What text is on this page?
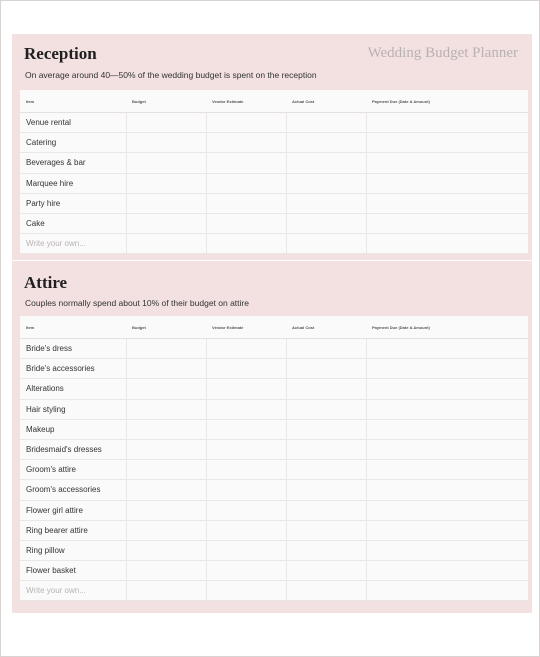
Reception	Wedding Budget Planner
On average around 40—50% of the wedding budget is spent on the reception
Item	Budget	Vendor Estimate	Actual Cost	Payment Due (Date & Amount)
Venue rental				
Catering				
Beverages & bar				
Marquee hire				
Party hire				
Cake				
Write your own...				
Attire
Couples normally spend about 10% of their budget on attire
Item	Budget	Vendor Estimate	Actual Cost	Payment Due (Date & Amount)
Bride's dress				
Bride's accessories				
Alterations				
Hair styling				
Makeup				
Bridesmaid's dresses				
Groom's attire				
Groom's accessories				
Flower girl attire				
Ring bearer attire				
Ring pillow				
Flower basket				
Write your own...				
